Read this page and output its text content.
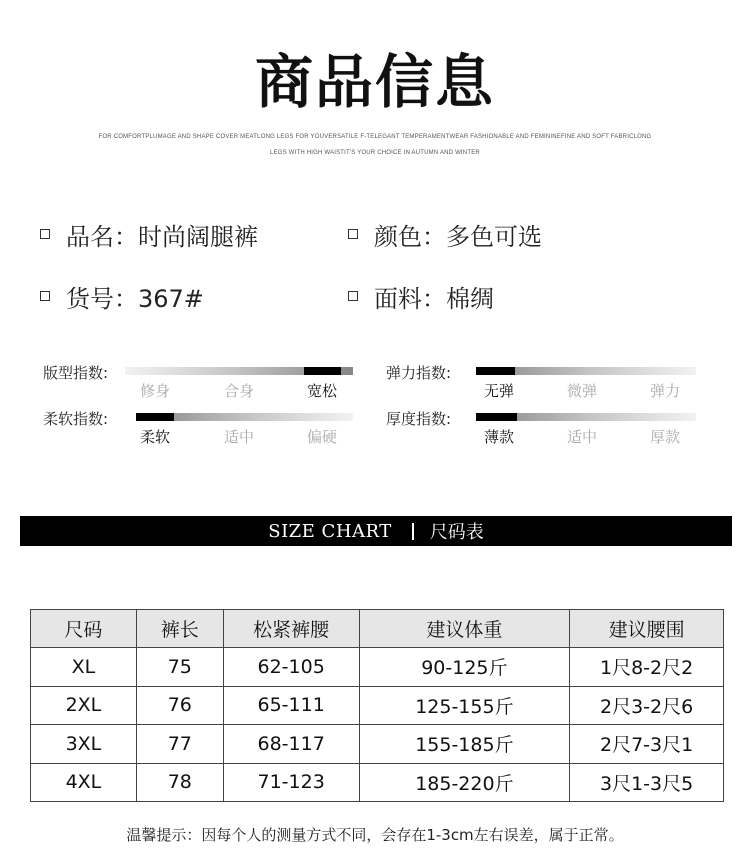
商品信息
FOR COMFORTPLUMAGE AND SHAPE COVER MEATLONG LEGS FOR YOUVERSATILE F-TELEGANT TEMPERAMENTWEAR FASHIONABLE AND FEMININEFINE AND SOFT FABRICLONG
LEGS WITH HIGH WAISTIT'S YOUR CHOICE IN AUTUMN AND WINTER
品名：时尚阔腿裤	颜色：多色可选
货号：367#	面料：棉绸
版型指数:
修身	合身	宽松
弹力指数:
无弹	微弹	弹力
柔软指数:
柔软	适中	偏硬
厚度指数:
薄款	适中	厚款
SIZE CHART 尺码表
尺码	裤长	松紧裤腰	建议体重	建议腰围
XL	75	62-105	90-125斤	1尺8-2尺2
2XL	76	65-111	125-155斤	2尺3-2尺6
3XL	77	68-117	155-185斤	2尺7-3尺1
4XL	78	71-123	185-220斤	3尺1-3尺5
温馨提示：因每个人的测量方式不同，会存在1-3cm左右误差，属于正常。
